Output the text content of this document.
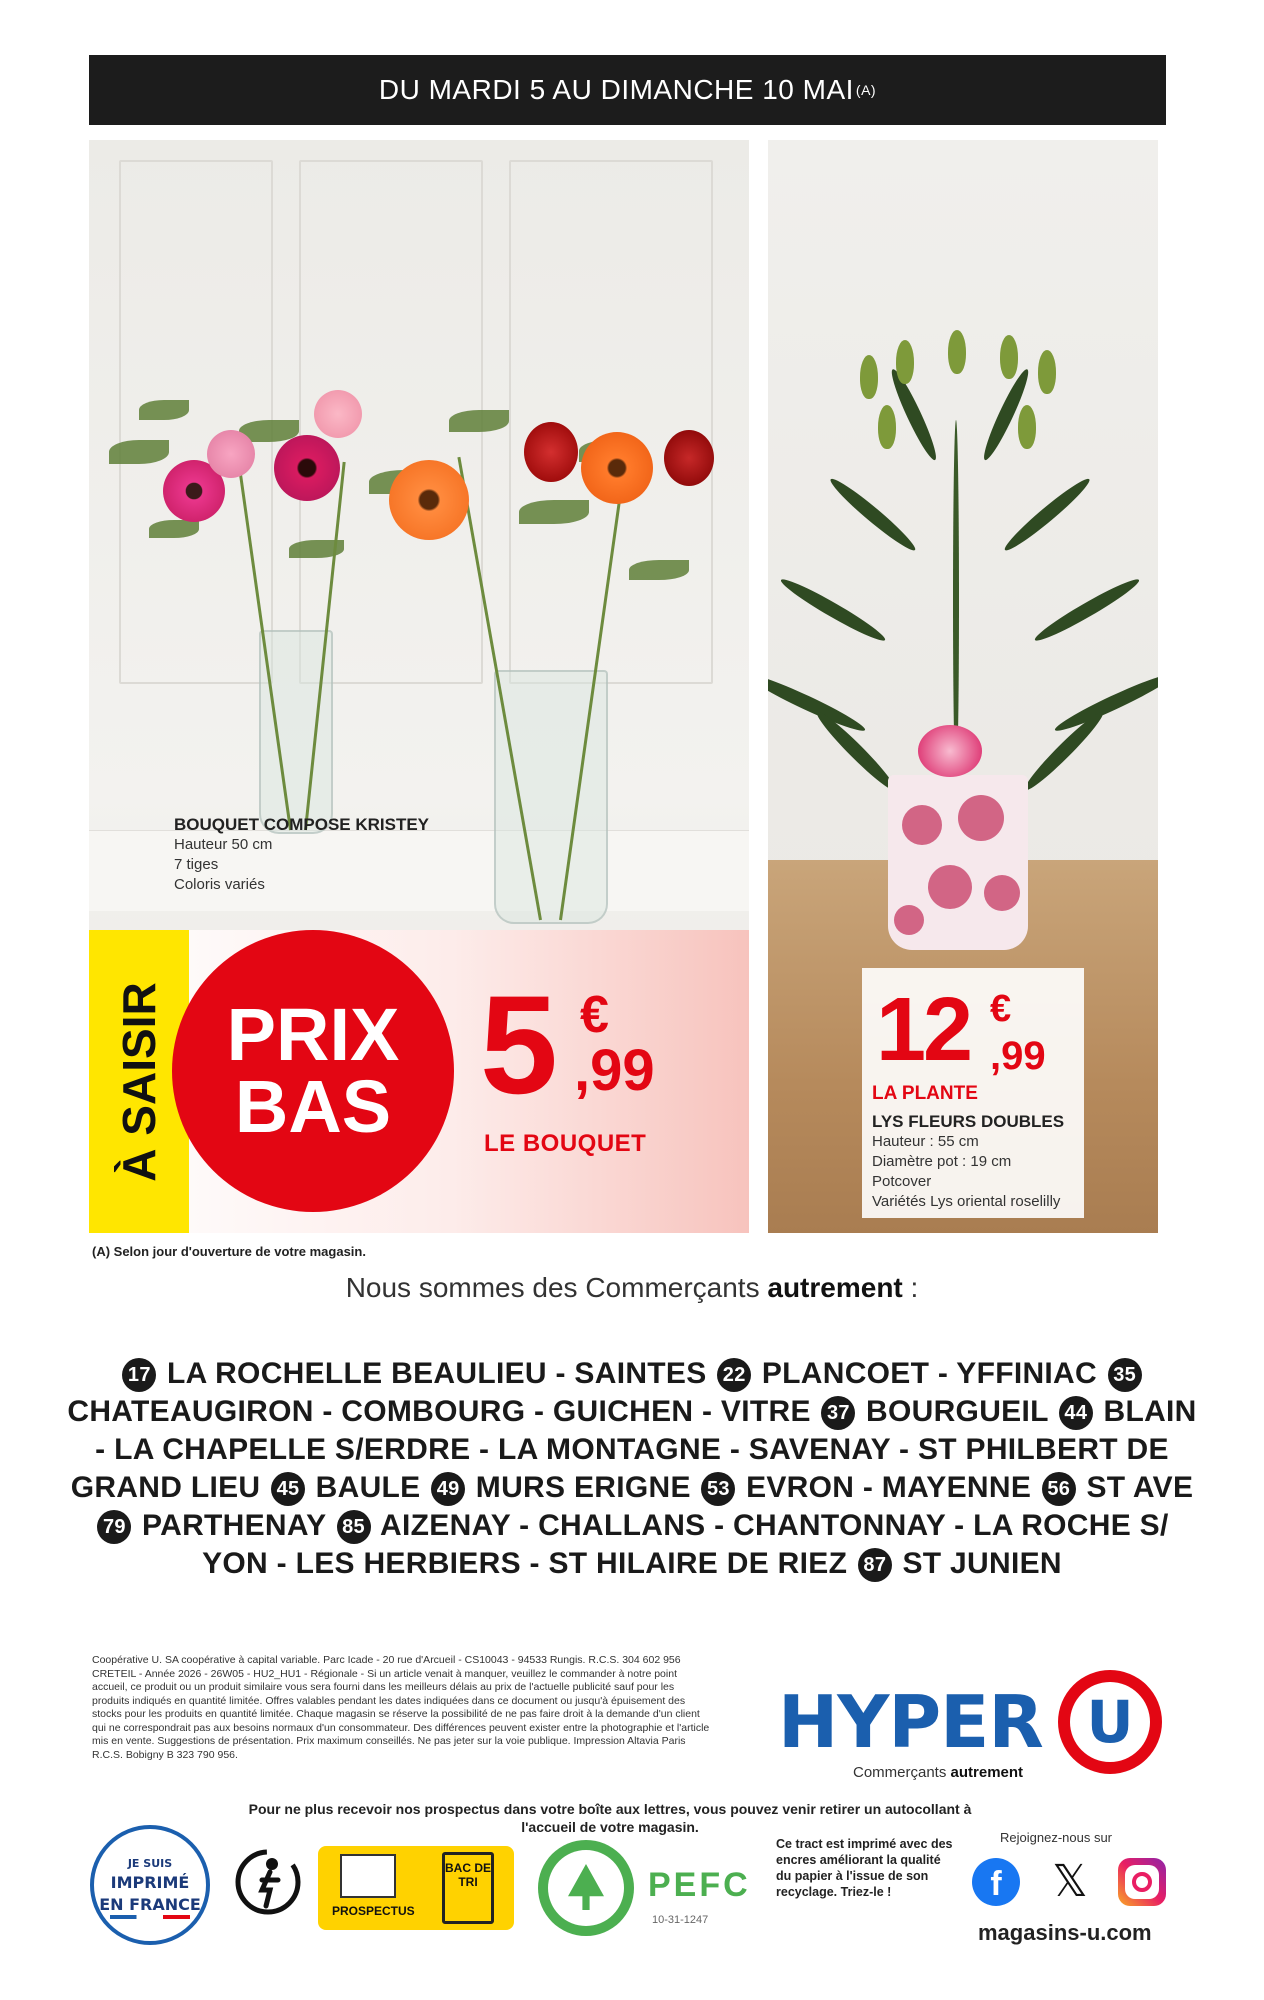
DU MARDI 5 AU DIMANCHE 10 MAI (A)
BOUQUET COMPOSE KRISTEY
Hauteur 50 cm
7 tiges
Coloris variés
À SAISIR PRIX
BAS 5 €
,99
LE BOUQUET
12 €
,99
LA PLANTE
LYS FLEURS DOUBLES
Hauteur : 55 cm
Diamètre pot : 19 cm
Potcover
Variétés Lys oriental roselilly
(A) Selon jour d'ouverture de votre magasin.
Nous sommes des Commerçants autrement :
17 LA ROCHELLE BEAULIEU - SAINTES 22 PLANCOET - YFFINIAC 35 CHATEAUGIRON - COMBOURG - GUICHEN - VITRE 37 BOURGUEIL 44 BLAIN - LA CHAPELLE S/ERDRE - LA MONTAGNE - SAVENAY - ST PHILBERT DE GRAND LIEU 45 BAULE 49 MURS ERIGNE 53 EVRON - MAYENNE 56 ST AVE 79 PARTHENAY 85 AIZENAY - CHALLANS - CHANTONNAY - LA ROCHE S/ YON - LES HERBIERS - ST HILAIRE DE RIEZ 87 ST JUNIEN
Coopérative U. SA coopérative à capital variable. Parc Icade - 20 rue d'Arcueil - CS10043 - 94533 Rungis. R.C.S. 304 602 956 CRETEIL - Année 2026 - 26W05 - HU2_HU1 - Régionale - Si un article venait à manquer, veuillez le commander à notre point accueil, ce produit ou un produit similaire vous sera fourni dans les meilleurs délais au prix de l'actuelle publicité sauf pour les produits indiqués en quantité limitée. Offres valables pendant les dates indiquées dans ce document ou jusqu'à épuisement des stocks pour les produits en quantité limitée. Chaque magasin se réserve la possibilité de ne pas faire droit à la demande d'un client qui ne correspondrait pas aux besoins normaux d'un consommateur. Des différences peuvent exister entre la photographie et l'article mis en vente. Suggestions de présentation. Prix maximum conseillés. Ne pas jeter sur la voie publique. Impression Altavia Paris R.C.S. Bobigny B 323 790 956.	HYPER U
Commerçants autrement
Pour ne plus recevoir nos prospectus dans votre boîte aux lettres, vous pouvez venir retirer un autocollant à l'accueil de votre magasin.
JE SUIS
IMPRIMÉ
EN FRANCE	PROSPECTUS
BAC DE TRI	PEFC
10-31-1247
Ce tract est imprimé avec des encres améliorant la qualité du papier à l'issue de son recyclage. Triez-le !
Rejoignez-nous sur
f	𝕏
magasins-u.com
